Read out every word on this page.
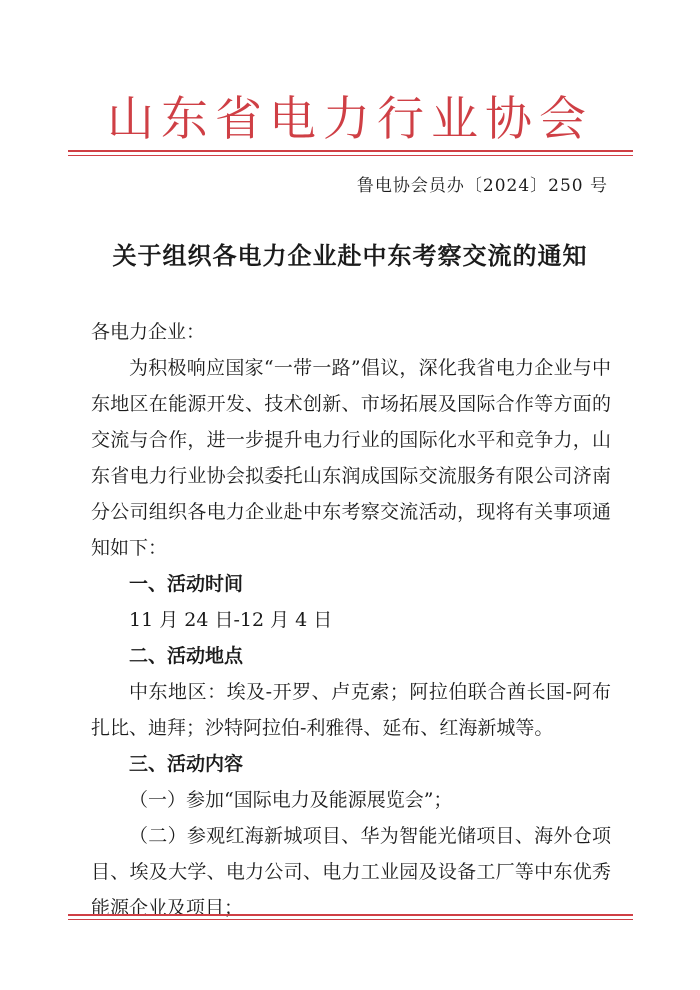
山东省电力行业协会
鲁电协会员办〔2024〕250 号
关于组织各电力企业赴中东考察交流的通知

各电力企业：

为积极响应国家“一带一路”倡议，深化我省电力企业与中东地区在能源开发、技术创新、市场拓展及国际合作等方面的交流与合作，进一步提升电力行业的国际化水平和竞争力，山东省电力行业协会拟委托山东润成国际交流服务有限公司济南分公司组织各电力企业赴中东考察交流活动，现将有关事项通知如下：

一、活动时间

11 月 24 日-12 月 4 日

二、活动地点

中东地区：埃及-开罗、卢克索；阿拉伯联合酋长国-阿布扎比、迪拜；沙特阿拉伯-利雅得、延布、红海新城等。

三、活动内容

（一）参加“国际电力及能源展览会”；

（二）参观红海新城项目、华为智能光储项目、海外仓项目、埃及大学、电力公司、电力工业园及设备工厂等中东优秀能源企业及项目；
